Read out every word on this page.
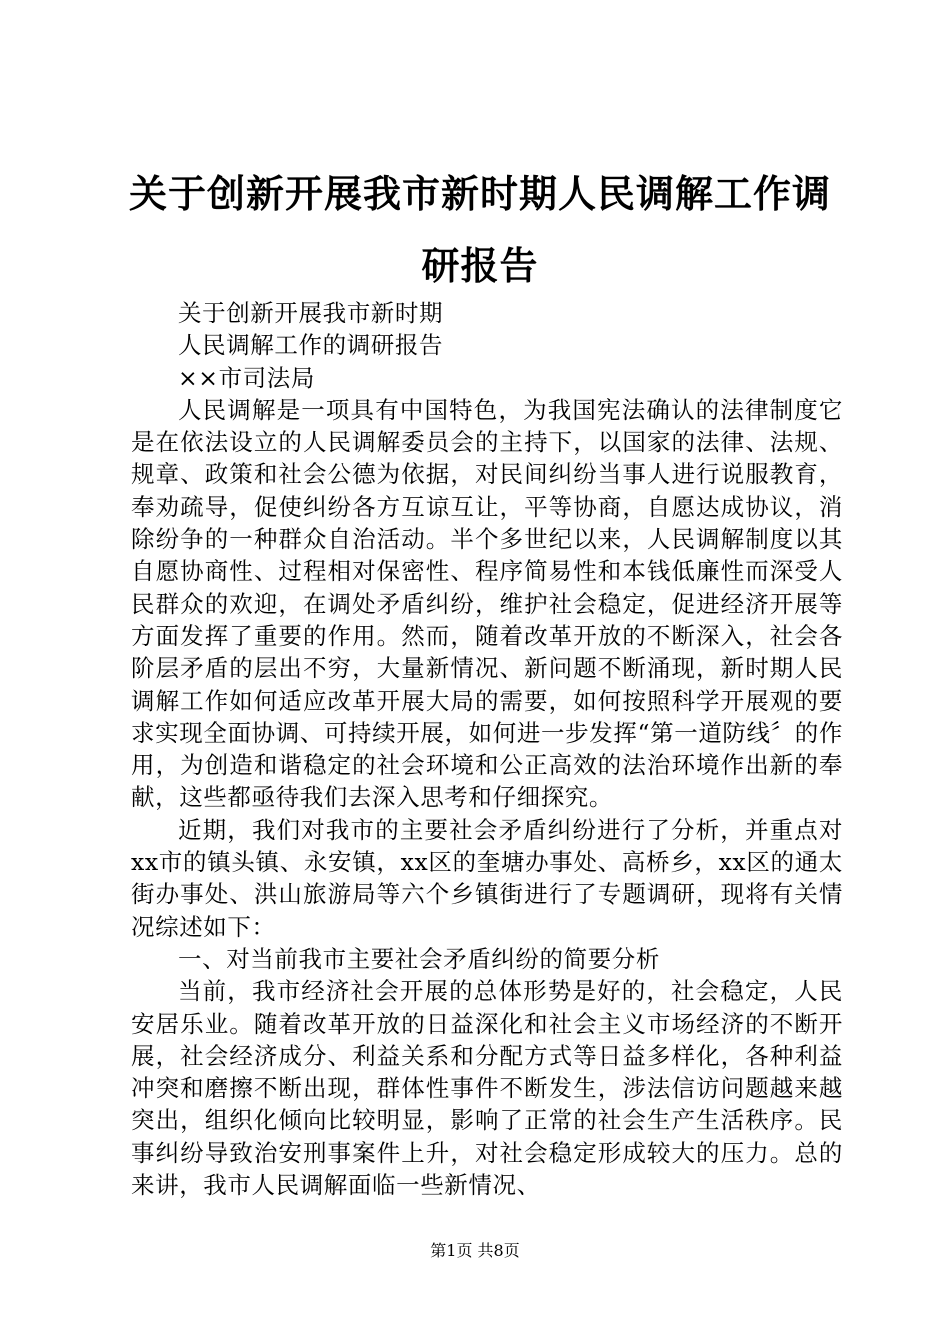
关于创新开展我市新时期人民调解工作调研报告

关于创新开展我市新时期

人民调解工作的调研报告

××市司法局

人民调解是一项具有中国特色，为我国宪法确认的法律制度它是在依法设立的人民调解委员会的主持下，以国家的法律、法规、规章、政策和社会公德为依据，对民间纠纷当事人进行说服教育，奉劝疏导，促使纠纷各方互谅互让，平等协商，自愿达成协议，消除纷争的一种群众自治活动。半个多世纪以来，人民调解制度以其自愿协商性、过程相对保密性、程序简易性和本钱低廉性而深受人民群众的欢迎，在调处矛盾纠纷，维护社会稳定，促进经济开展等方面发挥了重要的作用。然而，随着改革开放的不断深入，社会各阶层矛盾的层出不穷，大量新情况、新问题不断涌现，新时期人民调解工作如何适应改革开展大局的需要，如何按照科学开展观的要求实现全面协调、可持续开展，如何进一步发挥“第一道防线〞的作用，为创造和谐稳定的社会环境和公正高效的法治环境作出新的奉献，这些都亟待我们去深入思考和仔细探究。

近期，我们对我市的主要社会矛盾纠纷进行了分析，并重点对xx市的镇头镇、永安镇，xx区的奎塘办事处、高桥乡，xx区的通太街办事处、洪山旅游局等六个乡镇街进行了专题调研，现将有关情况综述如下：

一、对当前我市主要社会矛盾纠纷的简要分析

当前，我市经济社会开展的总体形势是好的，社会稳定，人民安居乐业。随着改革开放的日益深化和社会主义市场经济的不断开展，社会经济成分、利益关系和分配方式等日益多样化，各种利益冲突和磨擦不断出现，群体性事件不断发生，涉法信访问题越来越突出，组织化倾向比较明显，影响了正常的社会生产生活秩序。民事纠纷导致治安刑事案件上升，对社会稳定形成较大的压力。总的来讲，我市人民调解面临一些新情况、

第1页 共8页
